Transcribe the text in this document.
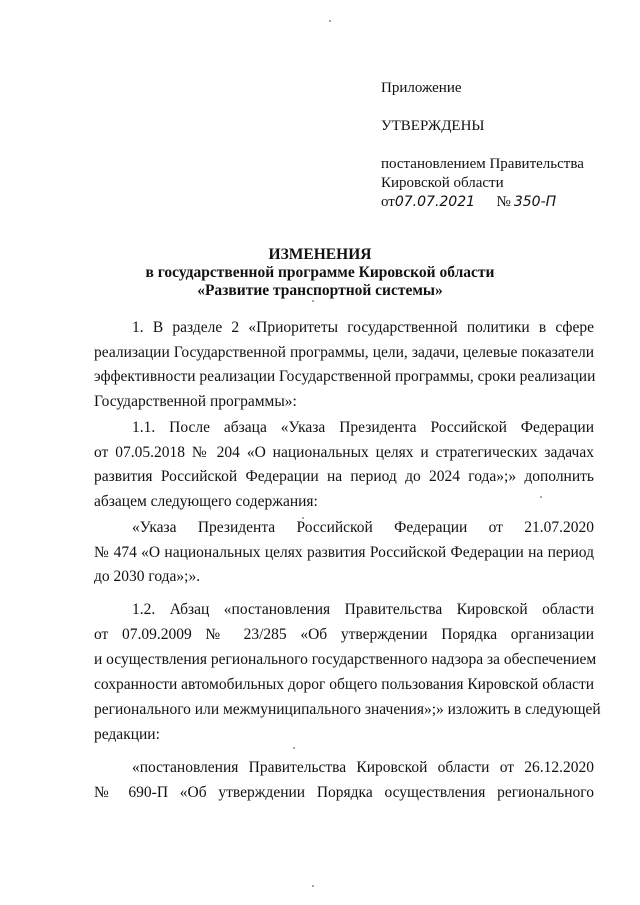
Приложение
УТВЕРЖДЕНЫ
постановлением Правительства
Кировской области
от07.07.2021 № 350-П
ИЗМЕНЕНИЯ
в государственной программе Кировской области
«Развитие транспортной системы»
1. В разделе 2 «Приоритеты государственной политики в сфере
реализации Государственной программы, цели, задачи, целевые показатели
эффективности реализации Государственной программы, сроки реализации
Государственной программы»:
1.1. После абзаца «Указа Президента Российской Федерации
от 07.05.2018 № 204 «О национальных целях и стратегических задачах
развития Российской Федерации на период до 2024 года»;» дополнить
абзацем следующего содержания:
«Указа Президента Российской Федерации от 21.07.2020
№ 474 «О национальных целях развития Российской Федерации на период
до 2030 года»;».
1.2. Абзац «постановления Правительства Кировской области
от 07.09.2009 № 23/285 «Об утверждении Порядка организации
и осуществления регионального государственного надзора за обеспечением
сохранности автомобильных дорог общего пользования Кировской области
регионального или межмуниципального значения»;» изложить в следующей
редакции:
«постановления Правительства Кировской области от 26.12.2020
№ 690-П «Об утверждении Порядка осуществления регионального
